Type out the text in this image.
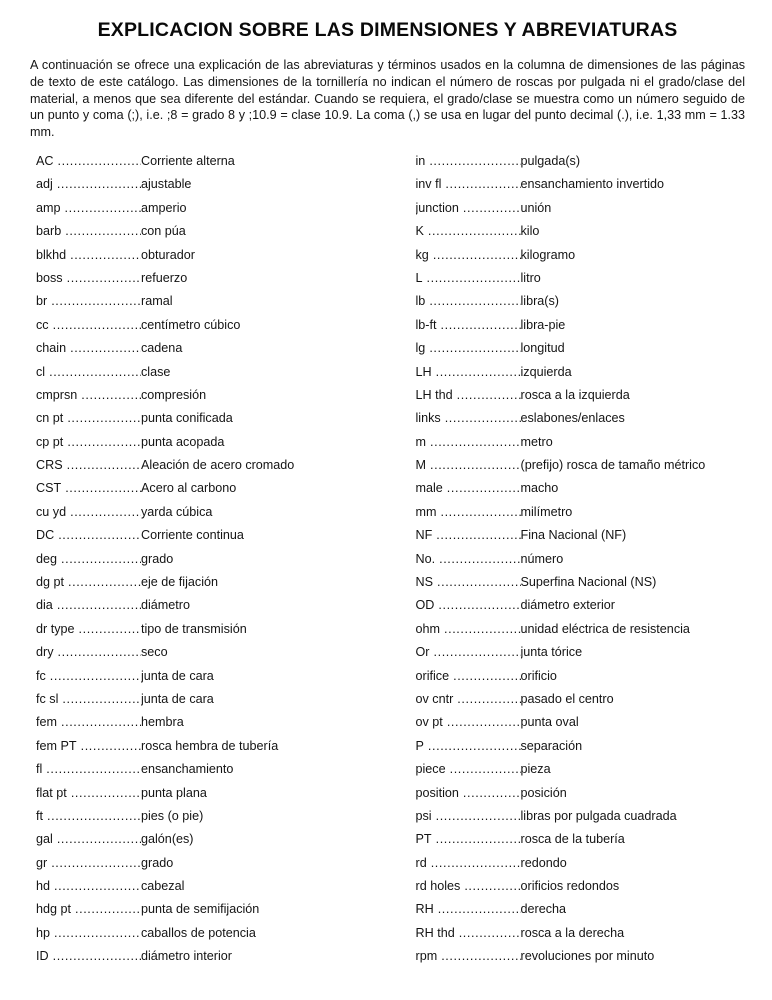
EXPLICACION SOBRE LAS DIMENSIONES Y ABREVIATURAS

A continuación se ofrece una explicación de las abreviaturas y términos usados en la columna de dimensiones de las páginas de texto de este catálogo. Las dimensiones de la tornillería no indican el número de roscas por pulgada ni el grado/clase del material, a menos que sea diferente del estándar. Cuando se requiera, el grado/clase se muestra como un número seguido de un punto y coma (;), i.e. ;8 = grado 8 y ;10.9 = clase 10.9. La coma (,) se usa en lugar del punto decimal (.), i.e. 1,33 mm = 1.33 mm.

AC .....	Corriente alterna
adj .....	ajustable
amp .....	amperio
barb .....	con púa
blkhd .....	obturador
boss .....	refuerzo
br .....	ramal
cc .....	centímetro cúbico
chain .....	cadena
cl .....	clase
cmprsn .....	compresión
cn pt .....	punta conificada
cp pt .....	punta acopada
CRS .....	Aleación de acero cromado
CST .....	Acero al carbono
cu yd .....	yarda cúbica
DC .....	Corriente continua
deg .....	grado
dg pt .....	eje de fijación
dia .....	diámetro
dr type .....	tipo de transmisión
dry .....	seco
fc .....	junta de cara
fc sl .....	junta de cara
fem .....	hembra
fem PT .....	rosca hembra de tubería
fl .....	ensanchamiento
flat pt .....	punta plana
ft .....	pies (o pie)
gal .....	galón(es)
gr .....	grado
hd .....	cabezal
hdg pt .....	punta de semifijación
hp .....	caballos de potencia
ID .....	diámetro interior
in .....	pulgada(s)
inv fl .....	ensanchamiento invertido
junction .....	unión
K .....	kilo
kg .....	kilogramo
L .....	litro
lb .....	libra(s)
lb-ft .....	libra-pie
lg .....	longitud
LH .....	izquierda
LH thd .....	rosca a la izquierda
links .....	eslabones/enlaces
m .....	metro
M .....	(prefijo) rosca de tamaño métrico
male .....	macho
mm .....	milímetro
NF .....	Fina Nacional (NF)
No. .....	número
NS .....	Superfina Nacional (NS)
OD .....	diámetro exterior
ohm .....	unidad eléctrica de resistencia
Or .....	junta tórice
orifice .....	orificio
ov cntr .....	pasado el centro
ov pt .....	punta oval
P .....	separación
piece .....	pieza
position .....	posición
psi .....	libras por pulgada cuadrada
PT .....	rosca de la tubería
rd .....	redondo
rd holes .....	orificios redondos
RH .....	derecha
RH thd .....	rosca a la derecha
rpm .....	revoluciones por minuto
